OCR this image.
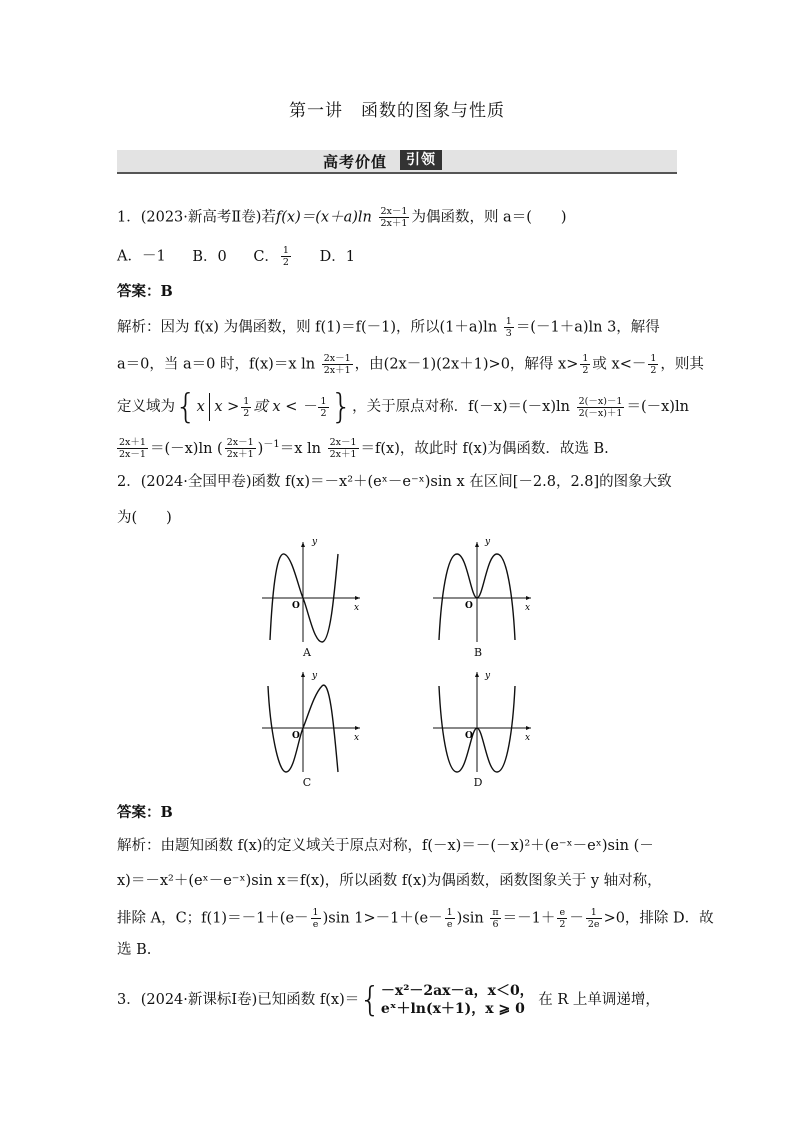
第一讲　函数的图象与性质
高考价值	引领
1．(2023·新高考Ⅱ卷)若$f(x)=(x+a)\ln \frac{2x-1}{2x+1}$ 为偶函数，则 a＝(　　)
A．－1 B．0 C． $\frac{1}{2}$ D．1
答案：B
解析：因为 f(x) 为偶函数，则 f(1)＝f(－1)，所以$(1+a)\ln \frac{1}{3} =(-1+a)\ln$ 3，解得
a＝0，当 a＝0 时，f(x)＝x $\ln \frac{2x-1}{2x+1}$ ，由(2x－1)(2x＋1)>0，解得 $x> \frac{1}{2}$ 或 $x<- \frac{1}{2}$ ，则其
定义域为{x $x > \frac{1}{2}$ 或 x < － $\frac{1}{2}$ }，关于原点对称．$f(-x)=(-x)\ln \frac{2(-x)-1}{2(-x)+1} =(-x)\ln$
$\frac{2x+1}{2x-1} =(-x)\ln$ ( $\frac{2x-1}{2x+1} )^{-1}=x$ $\ln \frac{2x-1}{2x+1} =f(x)$，故此时 f(x)为偶函数．故选 B.
2．(2024·全国甲卷)函数 f(x)＝－x²＋(eˣ－e⁻ˣ)sin x 在区间[－2.8，2.8]的图象大致
为(　　)
y
x
O
A
y
x
O
B
y
x
O
C
y
x
O
D
答案：B
解析：由题知函数 f(x)的定义域关于原点对称，f(－x)＝－(－x)²＋(e⁻ˣ－eˣ)sin (－
x)＝－x²＋(eˣ－e⁻ˣ)sin x＝f(x)，所以函数 f(x)为偶函数，函数图象关于 y 轴对称，
排除 A，C；$f(1)=-1+(e- \frac{1}{e} )\sin$ $1>-1+(e- \frac{1}{e} )\sin \frac{\pi}{6} =-1+ \frac{e}{2} - \frac{1}{2e} >0$，排除 D．故
选 B.
3．(2024·新课标Ⅰ卷)已知函数 f(x)＝{ －x²－2ax－a，x＜0，
eˣ＋ln(x＋1)，x ⩾ 0
在 R 上单调递增，
